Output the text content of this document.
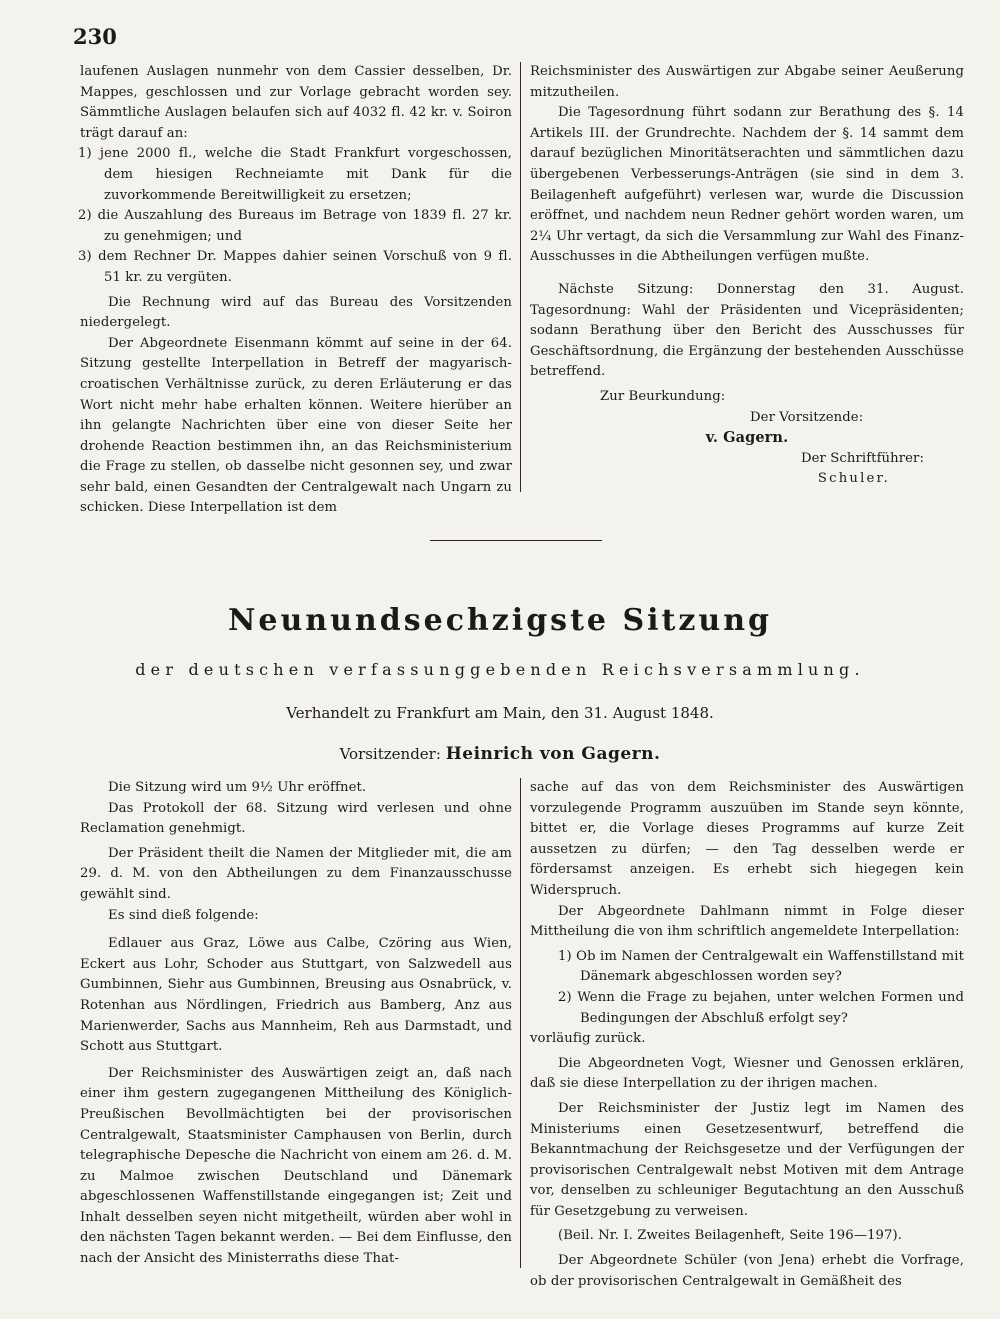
230

laufenen Auslagen nunmehr von dem Cassier desselben, Dr. Mappes, geschlossen und zur Vorlage gebracht worden sey. Sämmtliche Auslagen belaufen sich auf 4032 fl. 42 kr. v. Soiron trägt darauf an:

1) jene 2000 fl., welche die Stadt Frankfurt vorgeschossen, dem hiesigen Rechneiamte mit Dank für die zuvorkommende Bereitwilligkeit zu ersetzen;

2) die Auszahlung des Bureaus im Betrage von 1839 fl. 27 kr. zu genehmigen; und

3) dem Rechner Dr. Mappes dahier seinen Vorschuß von 9 fl. 51 kr. zu vergüten.

Die Rechnung wird auf das Bureau des Vorsitzenden niedergelegt.

Der Abgeordnete Eisenmann kömmt auf seine in der 64. Sitzung gestellte Interpellation in Betreff der magyarisch-croatischen Verhältnisse zurück, zu deren Erläuterung er das Wort nicht mehr habe erhalten können. Weitere hierüber an ihn gelangte Nachrichten über eine von dieser Seite her drohende Reaction bestimmen ihn, an das Reichsministerium die Frage zu stellen, ob dasselbe nicht gesonnen sey, und zwar sehr bald, einen Gesandten der Centralgewalt nach Ungarn zu schicken. Diese Interpellation ist dem

Reichsminister des Auswärtigen zur Abgabe seiner Aeußerung mitzutheilen.

Die Tagesordnung führt sodann zur Berathung des §. 14 Artikels III. der Grundrechte. Nachdem der §. 14 sammt dem darauf bezüglichen Minoritätserachten und sämmtlichen dazu übergebenen Verbesserungs-Anträgen (sie sind in dem 3. Beilagenheft aufgeführt) verlesen war, wurde die Discussion eröffnet, und nachdem neun Redner gehört worden waren, um 2¼ Uhr vertagt, da sich die Versammlung zur Wahl des Finanz-Ausschusses in die Abtheilungen verfügen mußte.

Nächste Sitzung: Donnerstag den 31. August. Tagesordnung: Wahl der Präsidenten und Vicepräsidenten; sodann Berathung über den Bericht des Ausschusses für Geschäftsordnung, die Ergänzung der bestehenden Ausschüsse betreffend.

Zur Beurkundung:

Der Vorsitzende:

v. Gagern.

Der Schriftführer:

Schuler.

Neunundsechzigste Sitzung
der deutschen verfassunggebenden Reichsversammlung.
Verhandelt zu Frankfurt am Main, den 31. August 1848.
Vorsitzender: Heinrich von Gagern.

Die Sitzung wird um 9½ Uhr eröffnet.

Das Protokoll der 68. Sitzung wird verlesen und ohne Reclamation genehmigt.

Der Präsident theilt die Namen der Mitglieder mit, die am 29. d. M. von den Abtheilungen zu dem Finanzausschusse gewählt sind.

Es sind dieß folgende:

Edlauer aus Graz, Löwe aus Calbe, Czöring aus Wien, Eckert aus Lohr, Schoder aus Stuttgart, von Salzwedell aus Gumbinnen, Siehr aus Gumbinnen, Breusing aus Osnabrück, v. Rotenhan aus Nördlingen, Friedrich aus Bamberg, Anz aus Marienwerder, Sachs aus Mannheim, Reh aus Darmstadt, und Schott aus Stuttgart.

Der Reichsminister des Auswärtigen zeigt an, daß nach einer ihm gestern zugegangenen Mittheilung des Königlich-Preußischen Bevollmächtigten bei der provisorischen Centralgewalt, Staatsminister Camphausen von Berlin, durch telegraphische Depesche die Nachricht von einem am 26. d. M. zu Malmoe zwischen Deutschland und Dänemark abgeschlossenen Waffenstillstande eingegangen ist; Zeit und Inhalt desselben seyen nicht mitgetheilt, würden aber wohl in den nächsten Tagen bekannt werden. — Bei dem Einflusse, den nach der Ansicht des Ministerraths diese That-

sache auf das von dem Reichsminister des Auswärtigen vorzulegende Programm auszuüben im Stande seyn könnte, bittet er, die Vorlage dieses Programms auf kurze Zeit aussetzen zu dürfen; — den Tag desselben werde er fördersamst anzeigen. Es erhebt sich hiegegen kein Widerspruch.

Der Abgeordnete Dahlmann nimmt in Folge dieser Mittheilung die von ihm schriftlich angemeldete Interpellation:

1) Ob im Namen der Centralgewalt ein Waffenstillstand mit Dänemark abgeschlossen worden sey?

2) Wenn die Frage zu bejahen, unter welchen Formen und Bedingungen der Abschluß erfolgt sey?

vorläufig zurück.

Die Abgeordneten Vogt, Wiesner und Genossen erklären, daß sie diese Interpellation zu der ihrigen machen.

Der Reichsminister der Justiz legt im Namen des Ministeriums einen Gesetzesentwurf, betreffend die Bekanntmachung der Reichsgesetze und der Verfügungen der provisorischen Centralgewalt nebst Motiven mit dem Antrage vor, denselben zu schleuniger Begutachtung an den Ausschuß für Gesetzgebung zu verweisen.

(Beil. Nr. I. Zweites Beilagenheft, Seite 196—197).

Der Abgeordnete Schüler (von Jena) erhebt die Vorfrage, ob der provisorischen Centralgewalt in Gemäßheit des
